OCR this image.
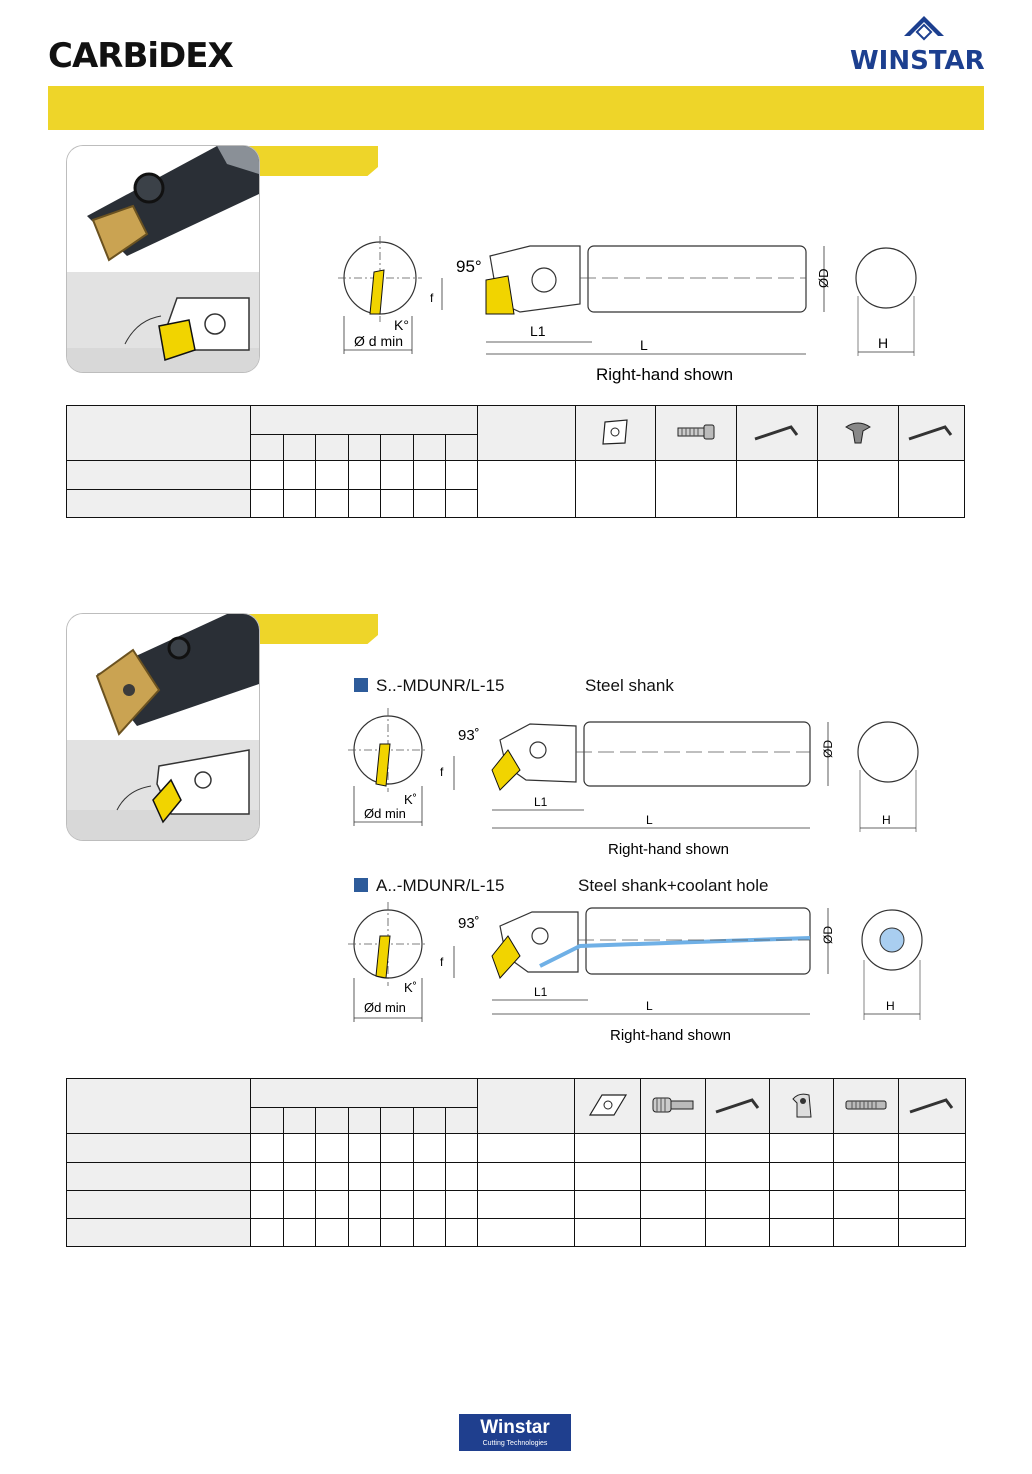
CARBiDEX	WINSTAR
K°
Ø d min
95°
f
L1
L
ØD
H
Right-hand shown

S..-MDUNR/L-15	Steel shank
K˚
Ød min
93˚
f
L1
L
ØD
H
Right-hand shown
A..-MDUNR/L-15	Steel shank+coolant hole
K˚
Ød min
93˚
f
L1
L
ØD
H
Right-hand shown

Winstar
Cutting Technologies
